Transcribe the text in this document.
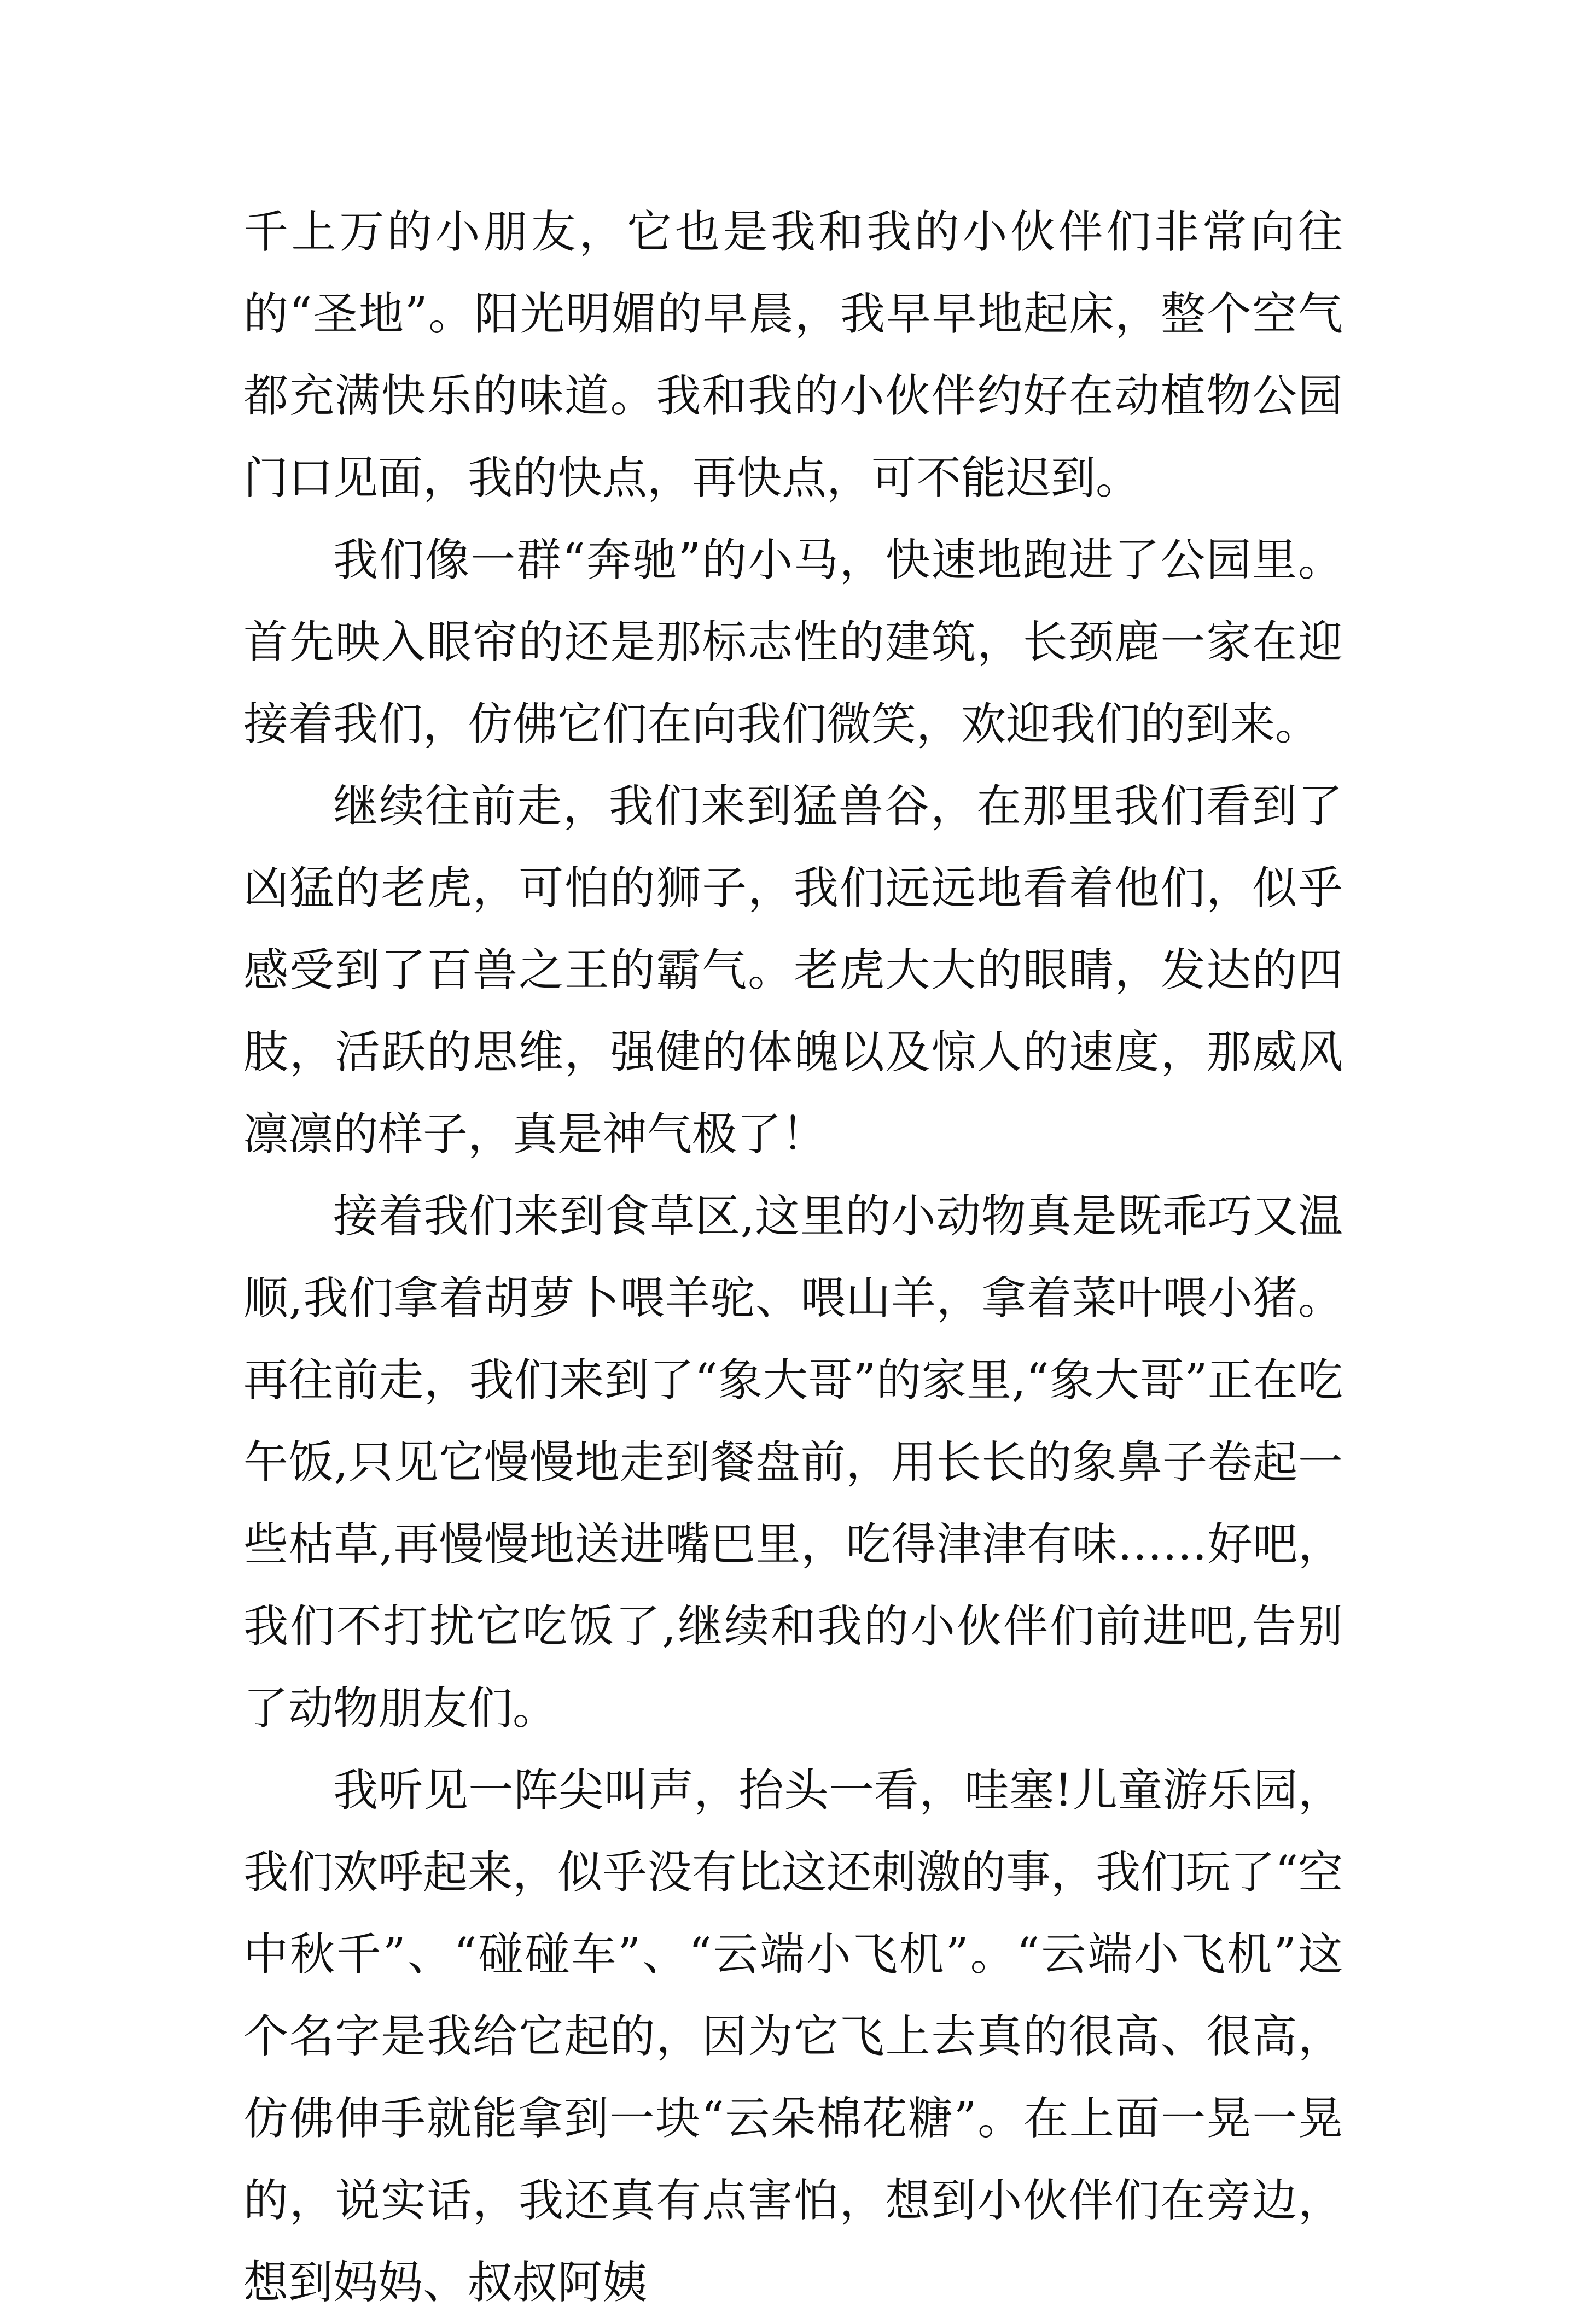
千上万的小朋友，它也是我和我的小伙伴们非常向往的“圣地”。阳光明媚的早晨，我早早地起床，整个空气都充满快乐的味道。我和我的小伙伴约好在动植物公园门口见面，我的快点，再快点，可不能迟到。

我们像一群“奔驰”的小马，快速地跑进了公园里。首先映入眼帘的还是那标志性的建筑，长颈鹿一家在迎接着我们，仿佛它们在向我们微笑，欢迎我们的到来。

继续往前走，我们来到猛兽谷，在那里我们看到了凶猛的老虎，可怕的狮子，我们远远地看着他们，似乎感受到了百兽之王的霸气。老虎大大的眼睛，发达的四肢，活跃的思维，强健的体魄以及惊人的速度，那威风凛凛的样子，真是神气极了！

接着我们来到食草区,这里的小动物真是既乖巧又温顺,我们拿着胡萝卜喂羊驼、喂山羊，拿着菜叶喂小猪。再往前走，我们来到了“象大哥”的家里,“象大哥”正在吃午饭,只见它慢慢地走到餐盘前，用长长的象鼻子卷起一些枯草,再慢慢地送进嘴巴里，吃得津津有味……好吧，我们不打扰它吃饭了,继续和我的小伙伴们前进吧,告别了动物朋友们。

我听见一阵尖叫声，抬头一看，哇塞!儿童游乐园，我们欢呼起来，似乎没有比这还刺激的事，我们玩了“空中秋千”、“碰碰车”、“云端小飞机”。“云端小飞机”这个名字是我给它起的，因为它飞上去真的很高、很高，仿佛伸手就能拿到一块“云朵棉花糖”。在上面一晃一晃的，说实话，我还真有点害怕，想到小伙伴们在旁边，想到妈妈、叔叔阿姨
